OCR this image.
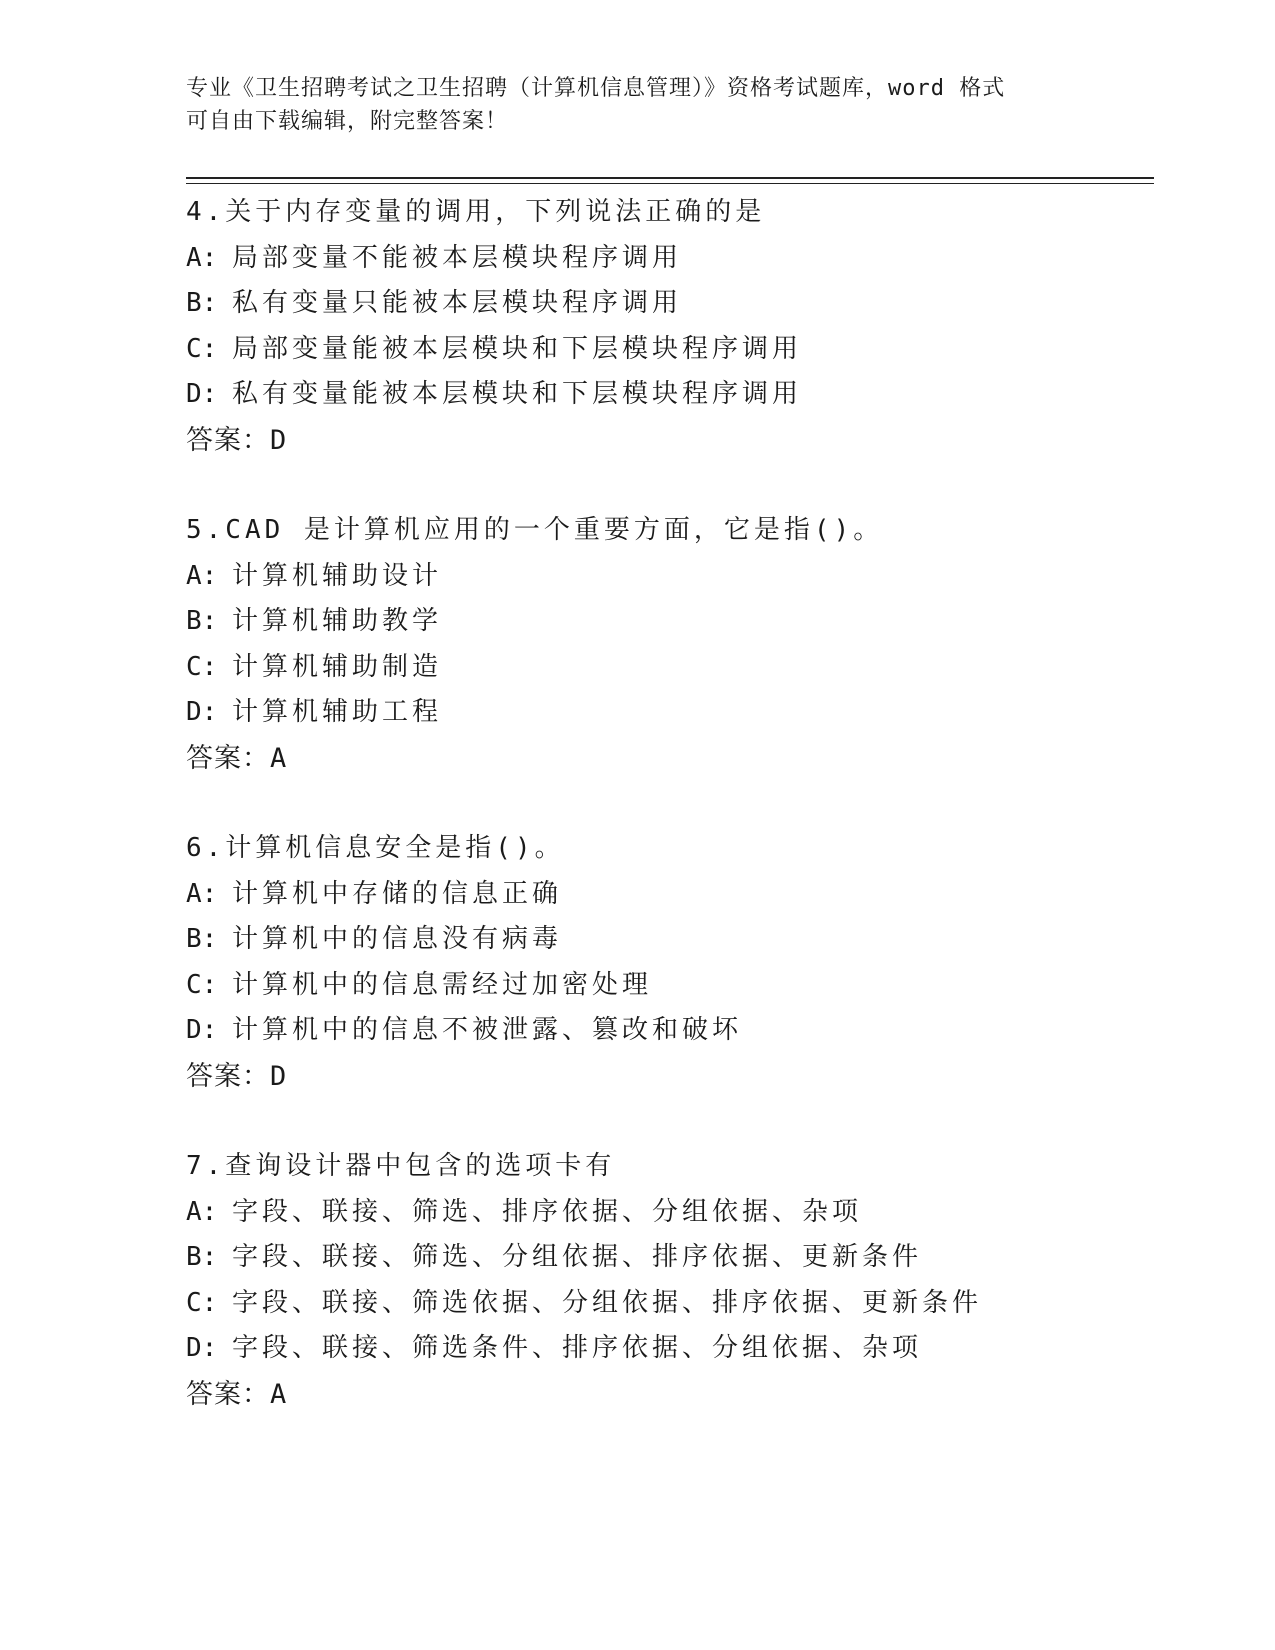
专业《卫生招聘考试之卫生招聘（计算机信息管理）》资格考试题库，word 格式
可自由下载编辑，附完整答案！
4.关于内存变量的调用，下列说法正确的是
A: 局部变量不能被本层模块程序调用
B: 私有变量只能被本层模块程序调用
C: 局部变量能被本层模块和下层模块程序调用
D: 私有变量能被本层模块和下层模块程序调用
答案：D
5.CAD 是计算机应用的一个重要方面，它是指()。
A: 计算机辅助设计
B: 计算机辅助教学
C: 计算机辅助制造
D: 计算机辅助工程
答案：A
6.计算机信息安全是指()。
A: 计算机中存储的信息正确
B: 计算机中的信息没有病毒
C: 计算机中的信息需经过加密处理
D: 计算机中的信息不被泄露、篡改和破坏
答案：D
7.查询设计器中包含的选项卡有
A: 字段、联接、筛选、排序依据、分组依据、杂项
B: 字段、联接、筛选、分组依据、排序依据、更新条件
C: 字段、联接、筛选依据、分组依据、排序依据、更新条件
D: 字段、联接、筛选条件、排序依据、分组依据、杂项
答案：A
